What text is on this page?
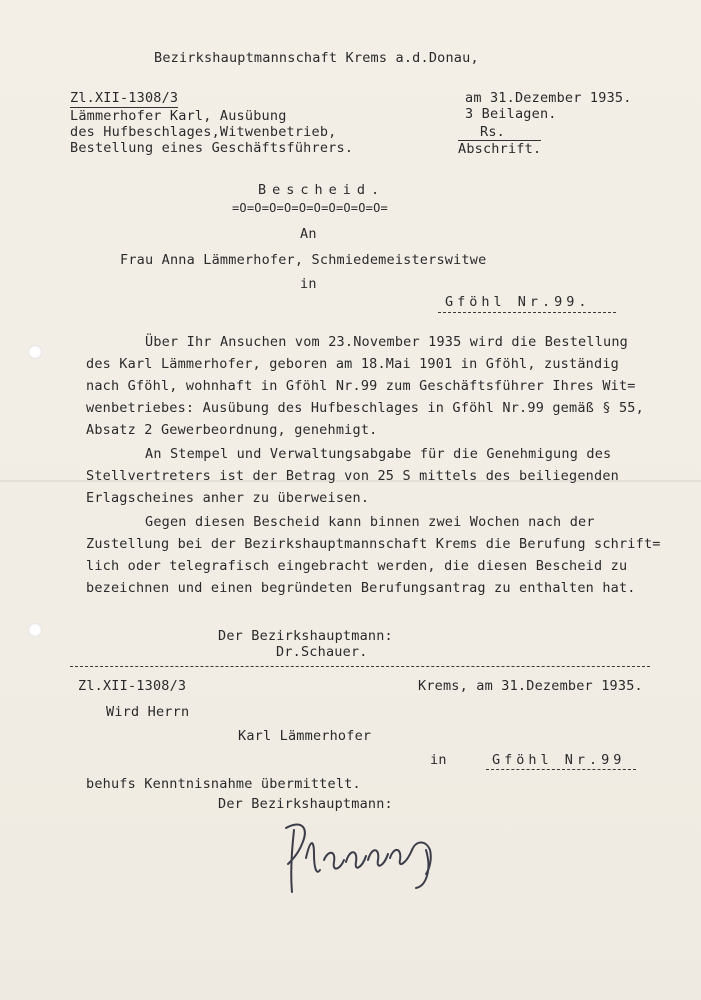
Bezirkshauptmannschaft Krems a.d.Donau,
Zl.XII-1308/3	am 31.Dezember 1935.
3 Beilagen.
Rs.
Abschrift.
Lämmerhofer Karl, Ausübung
des Hufbeschlages,Witwenbetrieb,
Bestellung eines Geschäftsführers.
Bescheid.
=O=O=O=O=O=O=O=O=O=O=
An
Frau Anna Lämmerhofer, Schmiedemeisterswitwe
in
Gföhl Nr.99.
Über Ihr Ansuchen vom 23.November 1935 wird die Bestellung
des Karl Lämmerhofer, geboren am 18.Mai 1901 in Gföhl, zuständig
nach Gföhl, wohnhaft in Gföhl Nr.99 zum Geschäftsführer Ihres Wit=
wenbetriebes: Ausübung des Hufbeschlages in Gföhl Nr.99 gemäß § 55,
Absatz 2 Gewerbeordnung, genehmigt.
An Stempel und Verwaltungsabgabe für die Genehmigung des
Stellvertreters ist der Betrag von 25 S mittels des beiliegenden
Erlagscheines anher zu überweisen.
Gegen diesen Bescheid kann binnen zwei Wochen nach der
Zustellung bei der Bezirkshauptmannschaft Krems die Berufung schrift=
lich oder telegrafisch eingebracht werden, die diesen Bescheid zu
bezeichnen und einen begründeten Berufungsantrag zu enthalten hat.
Der Bezirkshauptmann:
Dr.Schauer.
Zl.XII-1308/3	Krems, am 31.Dezember 1935.
Wird Herrn
Karl Lämmerhofer
in	Gföhl Nr.99
behufs Kenntnisnahme übermittelt.
Der Bezirkshauptmann:
